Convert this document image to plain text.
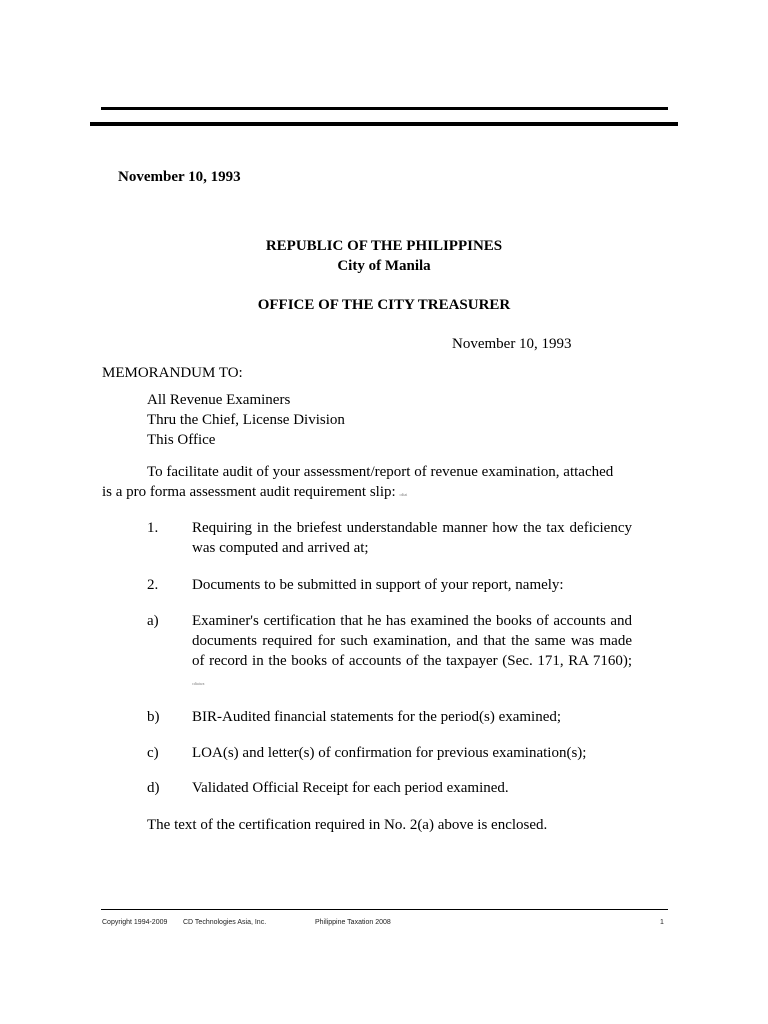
November 10, 1993
REPUBLIC OF THE PHILIPPINES
City of Manila
OFFICE OF THE CITY TREASURER
November 10, 1993
MEMORANDUM TO:
All Revenue Examiners
Thru the Chief, License Division
This Office
To facilitate audit of your assessment/report of revenue examination, attached
is a pro forma assessment audit requirement slip: cdtai
1. Requiring in the briefest understandable manner how the tax deficiency was computed and arrived at;
2. Documents to be submitted in support of your report, namely:
a) Examiner's certification that he has examined the books of accounts and documents required for such examination, and that the same was made of record in the books of accounts of the taxpayer (Sec. 171, RA 7160); cdtaiwa
b) BIR-Audited financial statements for the period(s) examined;
c) LOA(s) and letter(s) of confirmation for previous examination(s);
d) Validated Official Receipt for each period examined.
The text of the certification required in No. 2(a) above is enclosed.
Copyright 1994-2009 CD Technologies Asia, Inc.	Philippine Taxation 2008	1
